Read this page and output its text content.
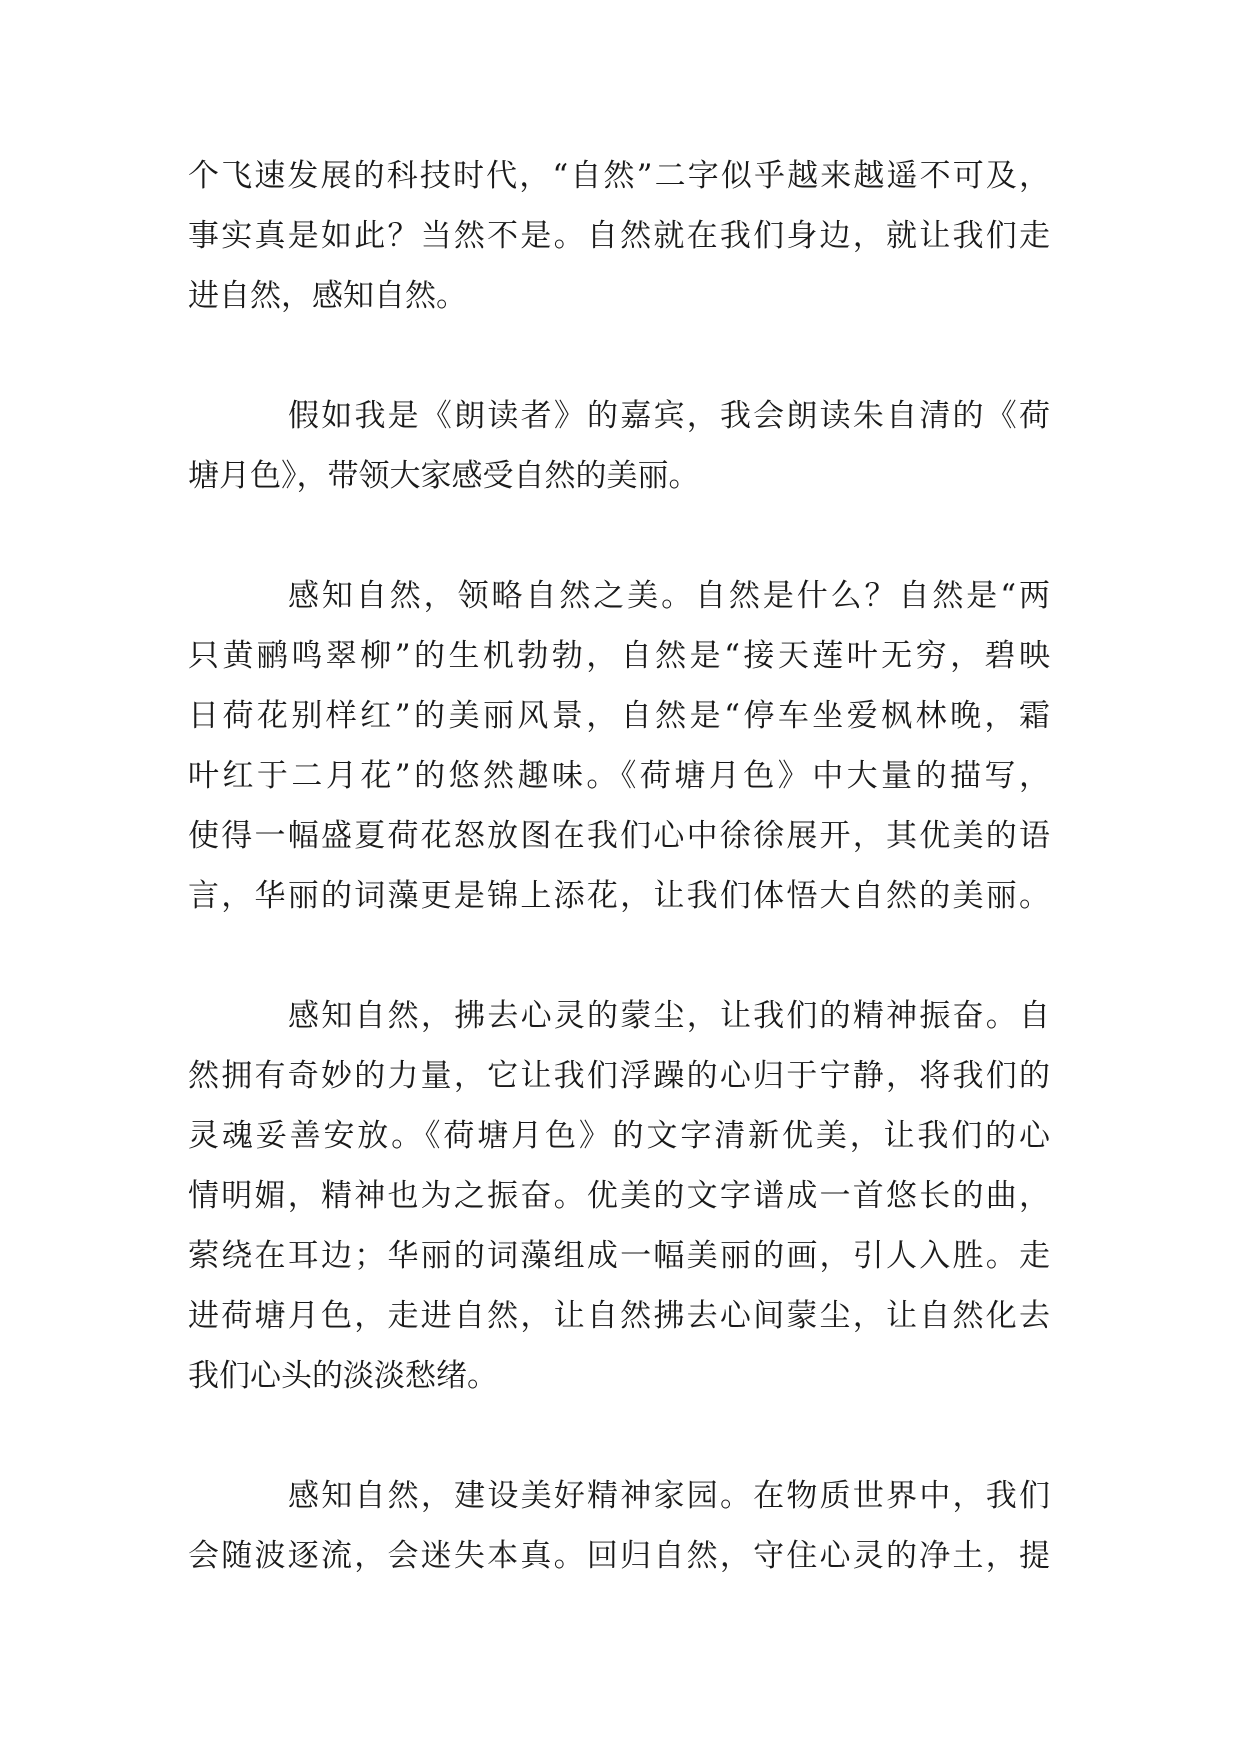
个飞速发展的科技时代，“自然”二字似乎越来越遥不可及，
事实真是如此？当然不是。自然就在我们身边，就让我们走
进自然，感知自然。
假如我是《朗读者》的嘉宾，我会朗读朱自清的《荷
塘月色》，带领大家感受自然的美丽。
感知自然，领略自然之美。自然是什么？自然是“两
只黄鹂鸣翠柳”的生机勃勃，自然是“接天莲叶无穷，碧映
日荷花别样红”的美丽风景，自然是“停车坐爱枫林晚，霜
叶红于二月花”的悠然趣味。《荷塘月色》中大量的描写，
使得一幅盛夏荷花怒放图在我们心中徐徐展开，其优美的语
言，华丽的词藻更是锦上添花，让我们体悟大自然的美丽。
感知自然，拂去心灵的蒙尘，让我们的精神振奋。自
然拥有奇妙的力量，它让我们浮躁的心归于宁静，将我们的
灵魂妥善安放。《荷塘月色》的文字清新优美，让我们的心
情明媚，精神也为之振奋。优美的文字谱成一首悠长的曲，
萦绕在耳边；华丽的词藻组成一幅美丽的画，引人入胜。走
进荷塘月色，走进自然，让自然拂去心间蒙尘，让自然化去
我们心头的淡淡愁绪。
感知自然，建设美好精神家园。在物质世界中，我们
会随波逐流，会迷失本真。回归自然，守住心灵的净土，提
